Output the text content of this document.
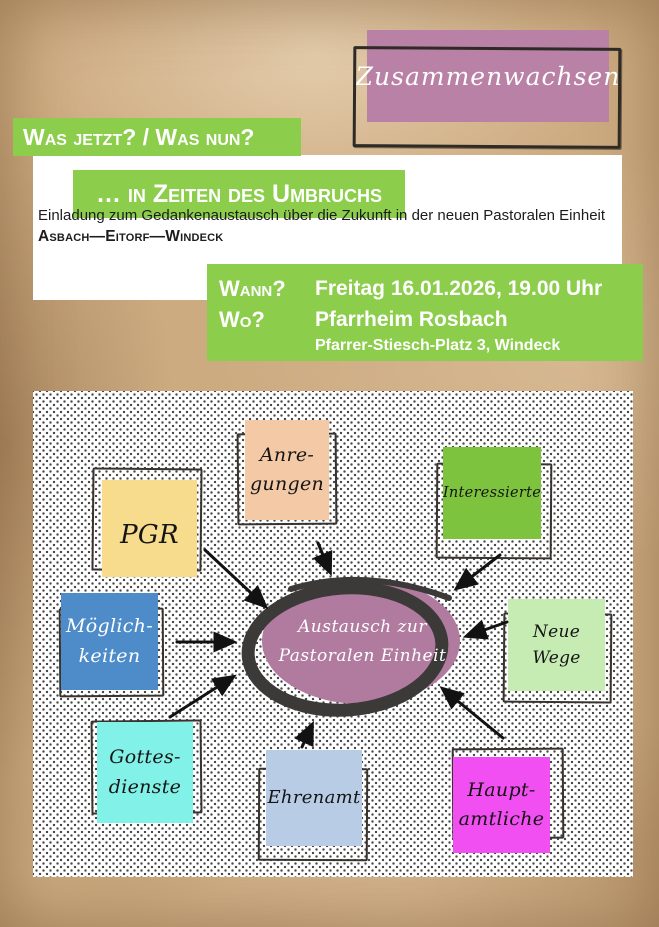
Zusammenwachsen
Was jetzt? / Was nun?
… in Zeiten des Umbruchs
Einladung zum Gedankenaustausch über die Zukunft in der neuen Pastoralen Einheit
Asbach—Eitorf—Windeck
Wann?	Freitag 16.01.2026, 19.00 Uhr
Wo?	Pfarrheim Rosbach
Pfarrer-Stiesch-Platz 3, Windeck
PGR
Anre-
gungen	Interessierte
Möglich-
keiten
Neue Wege
Gottes-
dienste
Ehrenamt	Haupt-
amtliche
Austausch zur
Pastoralen Einheit
